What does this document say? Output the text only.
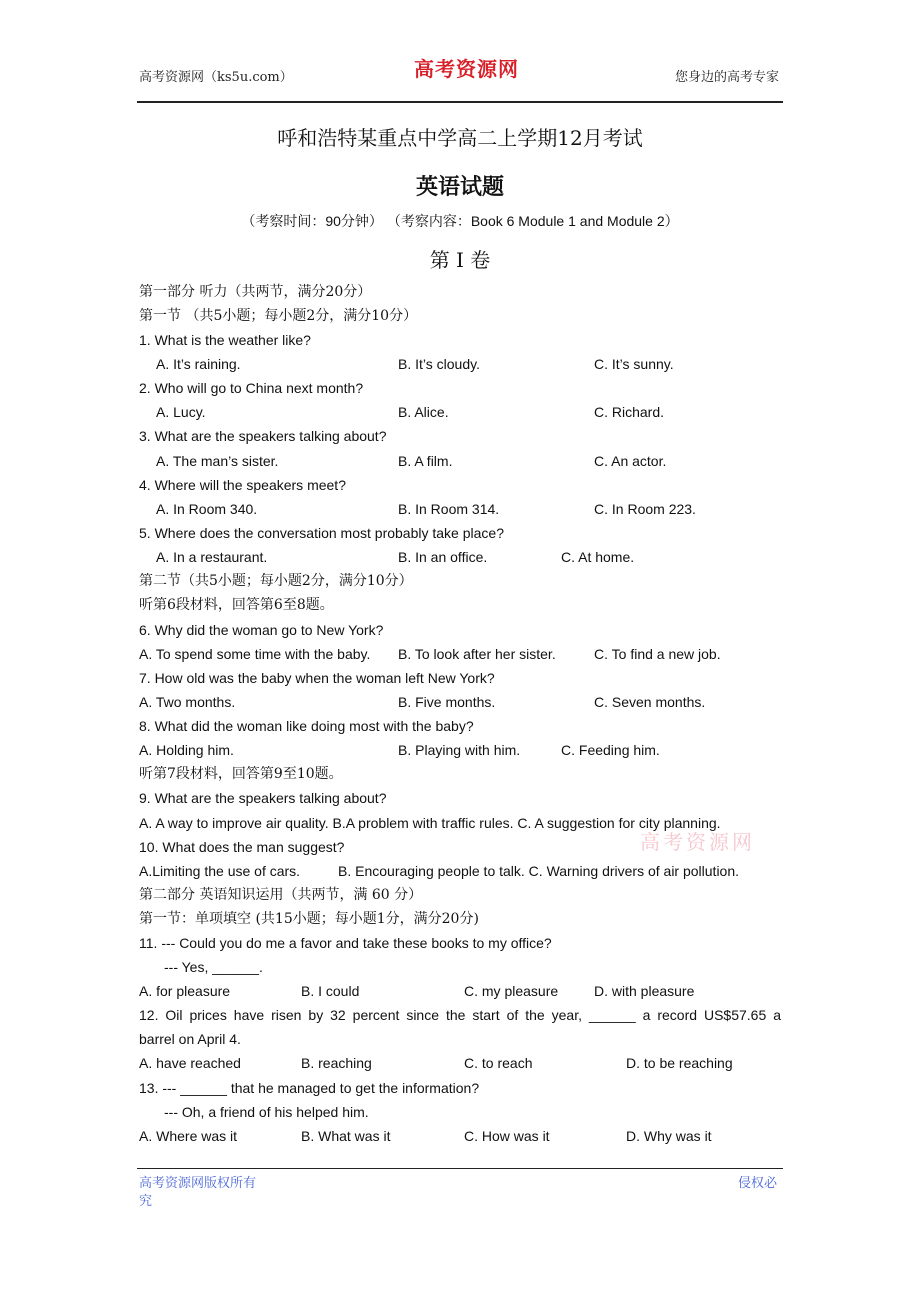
高考资源网（ks5u.com）	高考资源网	您身边的高考专家
呼和浩特某重点中学高二上学期12月考试
英语试题
（考察时间：90分钟） （考察内容：Book 6 Module 1 and Module 2）
第 I 卷
高考资源网
第一部分 听力（共两节，满分20分）
第一节 （共5小题；每小题2分，满分10分）
1. What is the weather like?
A. It’s raining.	B. It’s cloudy.	C. It’s sunny.
2. Who will go to China next month?
A. Lucy.	B. Alice.	C. Richard.
3. What are the speakers talking about?
A. The man’s sister.	B. A film.	C. An actor.
4. Where will the speakers meet?
A. In Room 340.	B. In Room 314.	C. In Room 223.
5. Where does the conversation most probably take place?
A. In a restaurant.	B. In an office.	C. At home.
第二节（共5小题；每小题2分，满分10分）
听第6段材料，回答第6至8题。
6. Why did the woman go to New York?
A. To spend some time with the baby. B. To look after her sister.	C. To find a new job.
7. How old was the baby when the woman left New York?
A. Two months.	B. Five months.	C. Seven months.
8. What did the woman like doing most with the baby?
A. Holding him.	B. Playing with him.	C. Feeding him.
听第7段材料，回答第9至10题。
9. What are the speakers talking about?
A. A way to improve air quality. B.A problem with traffic rules. C. A suggestion for city planning.
10. What does the man suggest?
A.Limiting the use of cars.	B. Encouraging people to talk. C. Warning drivers of air pollution.
第二部分 英语知识运用（共两节，满 60 分）
第一节：单项填空 (共15小题；每小题1分，满分20分)
11. --- Could you do me a favor and take these books to my office?
--- Yes, ______.
A. for pleasure	B. I could	C. my pleasure	D. with pleasure
12. Oil prices have risen by 32 percent since the start of the year, ______ a record US$57.65 a
barrel on April 4.
A. have reached	B. reaching	C. to reach	D. to be reaching
13. --- ______ that he managed to get the information?
--- Oh, a friend of his helped him.
A. Where was it	B. What was it	C. How was it	D. Why was it
高考资源网版权所有
究
侵权必
